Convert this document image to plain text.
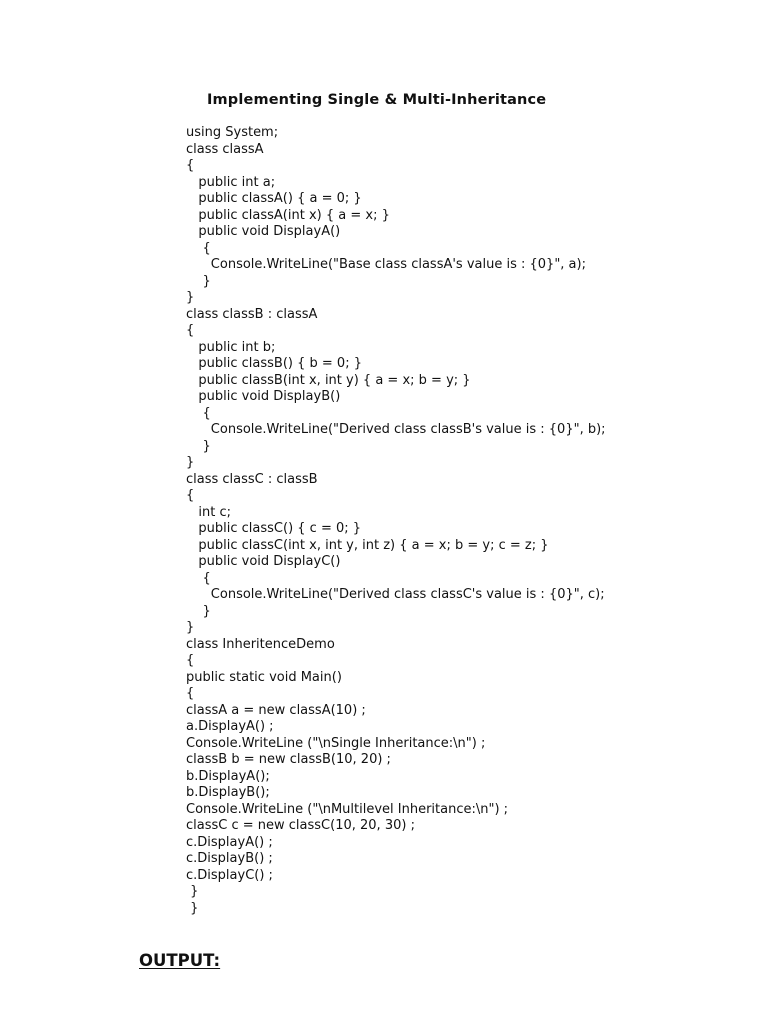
Implementing Single & Multi-Inheritance
using System;
class classA
{
public int a;
public classA() { a = 0; }
public classA(int x) { a = x; }
public void DisplayA()
{
Console.WriteLine("Base class classA's value is : {0}", a);
}
}
class classB : classA
{
public int b;
public classB() { b = 0; }
public classB(int x, int y) { a = x; b = y; }
public void DisplayB()
{
Console.WriteLine("Derived class classB's value is : {0}", b);
}
}
class classC : classB
{
int c;
public classC() { c = 0; }
public classC(int x, int y, int z) { a = x; b = y; c = z; }
public void DisplayC()
{
Console.WriteLine("Derived class classC's value is : {0}", c);
}
}
class InheritenceDemo
{
public static void Main()
{
classA a = new classA(10) ;
a.DisplayA() ;
Console.WriteLine ("\nSingle Inheritance:\n") ;
classB b = new classB(10, 20) ;
b.DisplayA();
b.DisplayB();
Console.WriteLine ("\nMultilevel Inheritance:\n") ;
classC c = new classC(10, 20, 30) ;
c.DisplayA() ;
c.DisplayB() ;
c.DisplayC() ;
}
}
OUTPUT:
